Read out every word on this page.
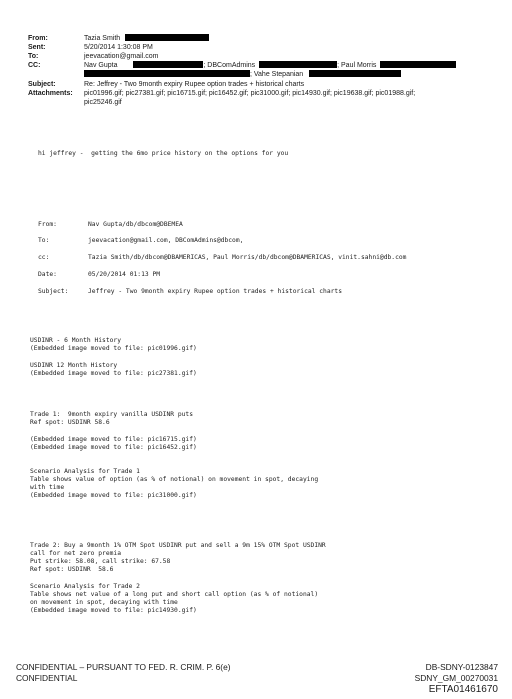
From:	Tazia Smith
Sent:	5/20/2014 1:30:08 PM
To:	jeevacation@gmail.com
CC:	Nav Gupta	; DBComAdmins	; Paul Morris
; Vahe Stepanian
Subject:	Re: Jeffrey - Two 9month expiry Rupee option trades + historical charts
Attachments:	pic01996.gif; pic27381.gif; pic16715.gif; pic16452.gif; pic31000.gif; pic14930.gif; pic19638.gif; pic01988.gif;
pic25246.gif
hi jeffrey -  getting the 6mo price history on the options for you
From:	Nav Gupta/db/dbcom@DBEMEA
To:	jeevacation@gmail.com, DBComAdmins@dbcom,
cc:	Tazia Smith/db/dbcom@DBAMERICAS, Paul Morris/db/dbcom@DBAMERICAS, vinit.sahni@db.com
Date:	05/20/2014 01:13 PM
Subject:	Jeffrey - Two 9month expiry Rupee option trades + historical charts
USDINR - 6 Month History
(Embedded image moved to file: pic01996.gif)
USDINR 12 Month History
(Embedded image moved to file: pic27381.gif)
Trade 1:  9month expiry vanilla USDINR puts
Ref spot: USDINR 58.6
(Embedded image moved to file: pic16715.gif)
(Embedded image moved to file: pic16452.gif)
Scenario Analysis for Trade 1
Table shows value of option (as % of notional) on movement in spot, decaying
with time
(Embedded image moved to file: pic31000.gif)
Trade 2: Buy a 9month 1% OTM Spot USDINR put and sell a 9m 15% OTM Spot USDINR
call for net zero premia
Put strike: 58.08, call strike: 67.58
Ref spot: USDINR  58.6
Scenario Analysis for Trade 2
Table shows net value of a long put and short call option (as % of notional)
on movement in spot, decaying with time
(Embedded image moved to file: pic14930.gif)
CONFIDENTIAL – PURSUANT TO FED. R. CRIM. P. 6(e)
CONFIDENTIAL
DB-SDNY-0123847
SDNY_GM_00270031
EFTA01461670
